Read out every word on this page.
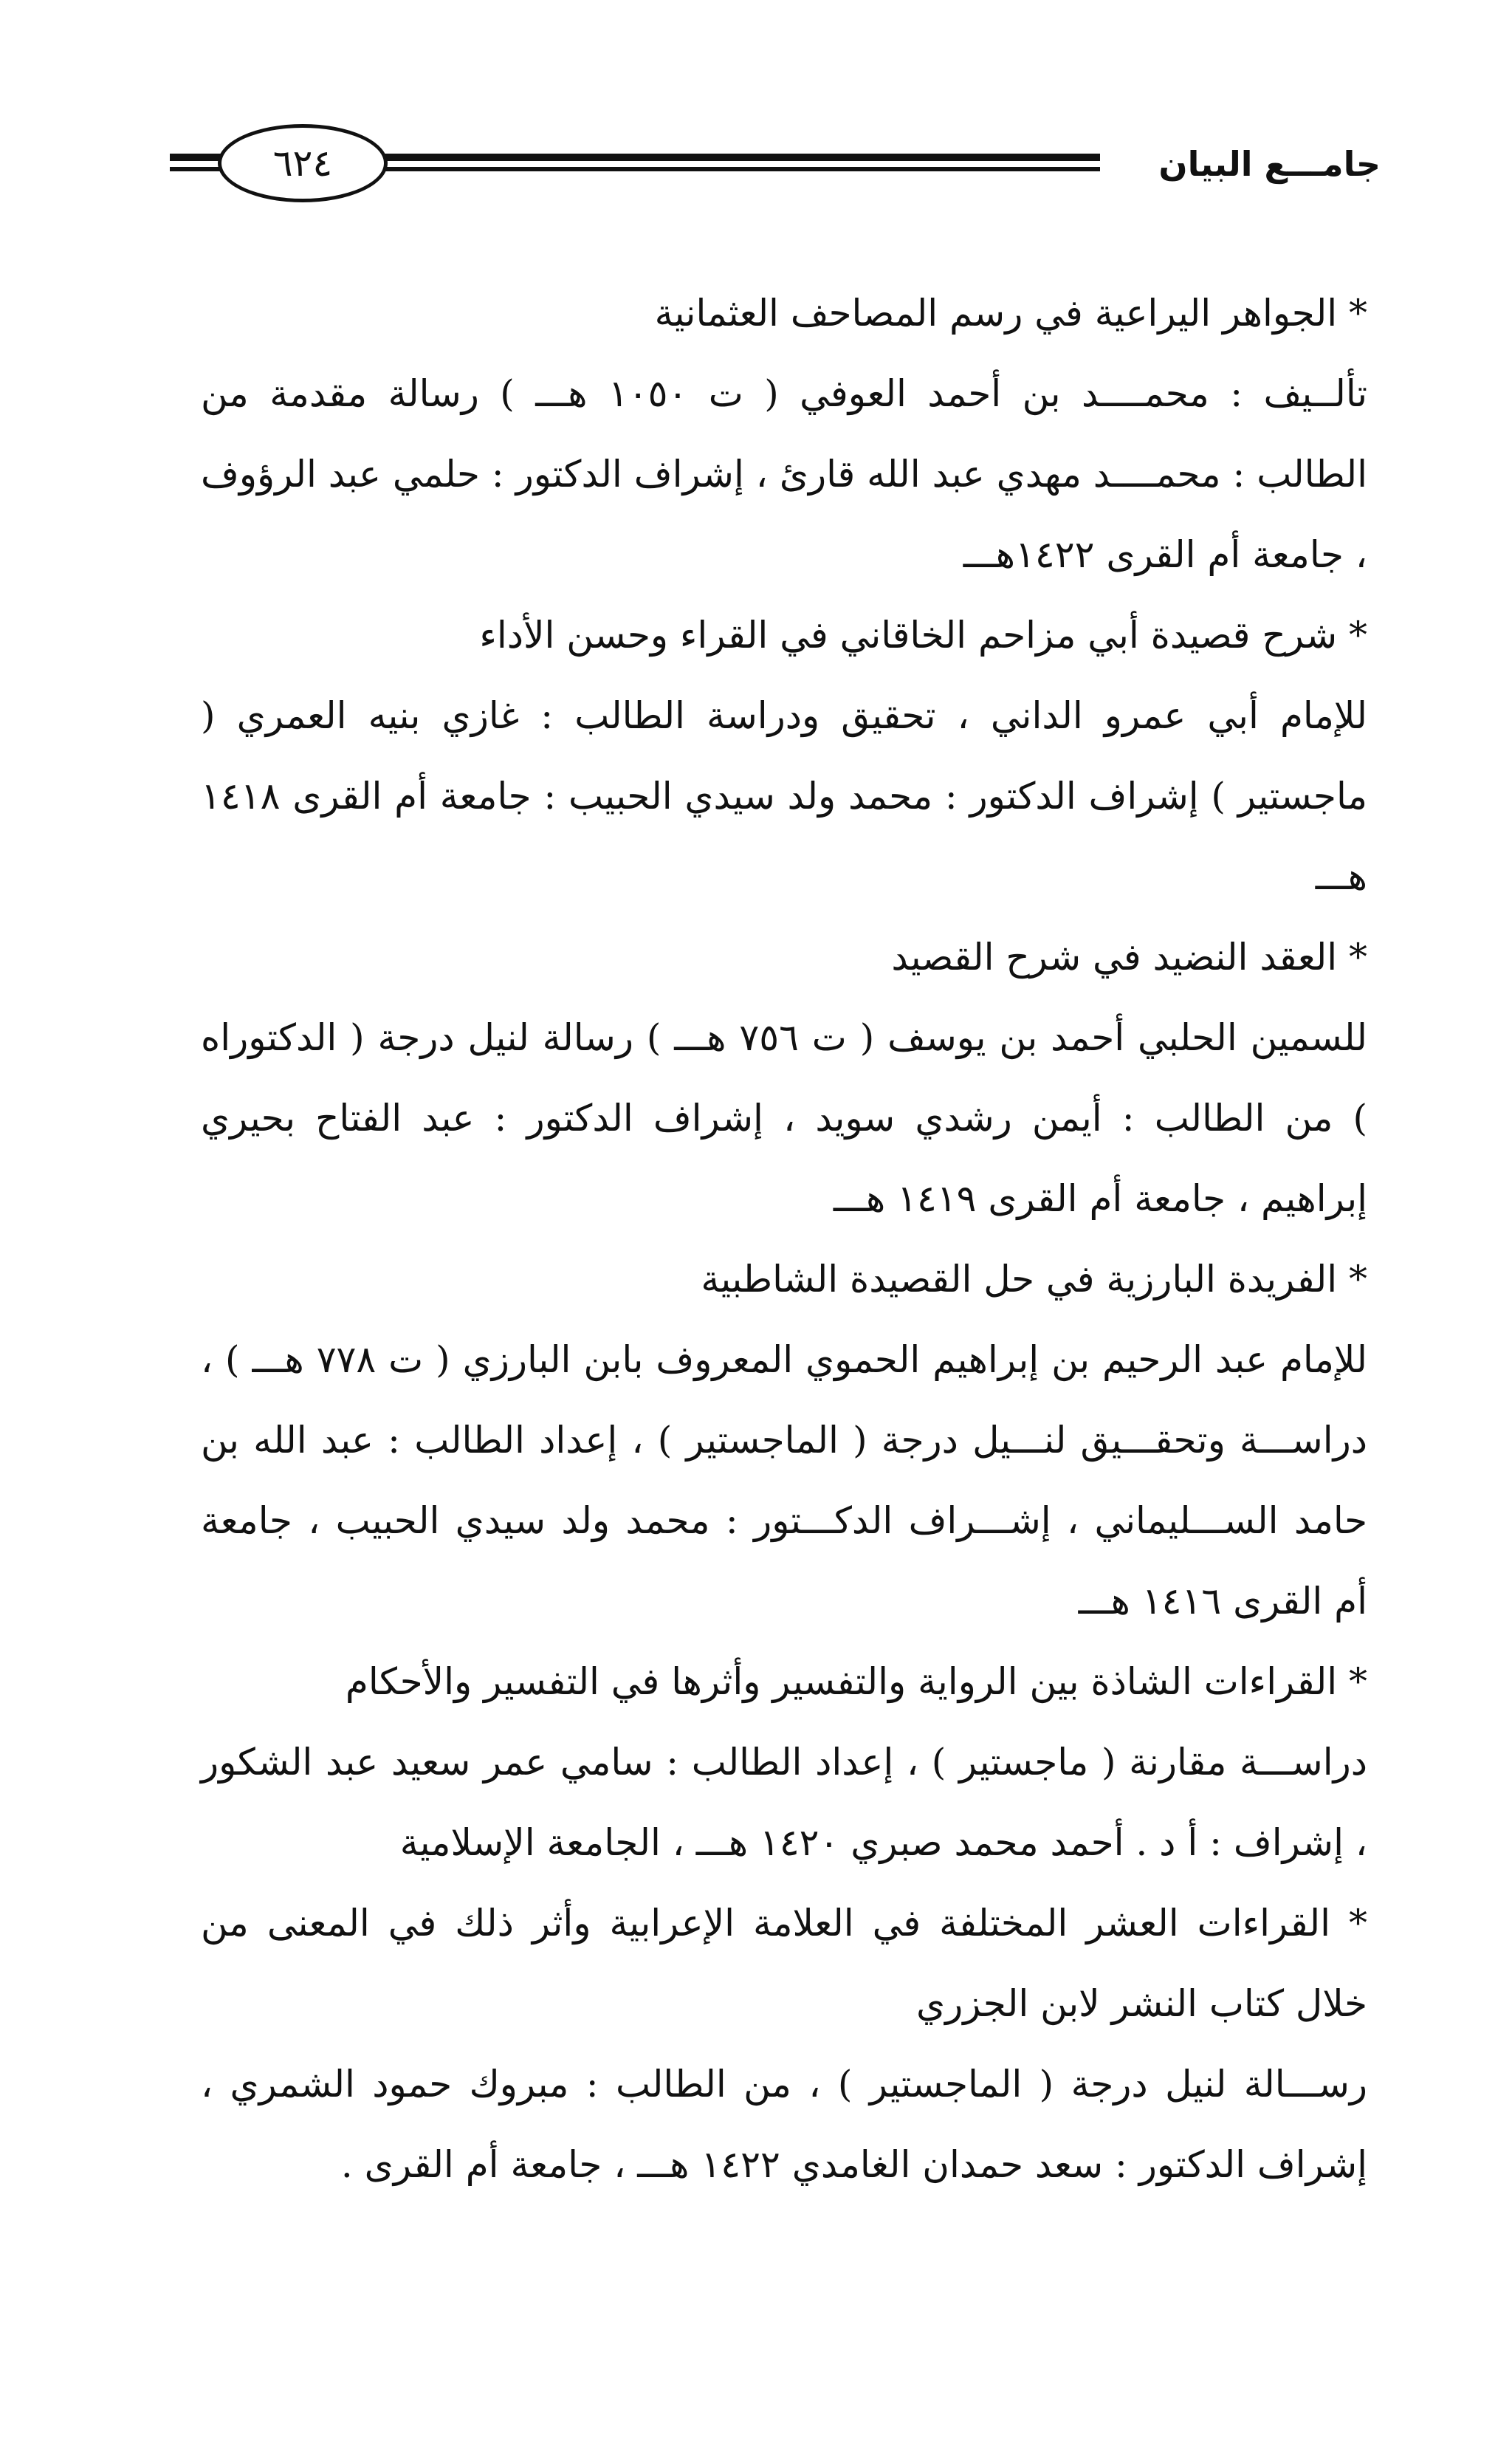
٦٢٤	جامـــع البيان

* الجواهر اليراعية في رسم المصاحف العثمانية

تألــيف : محمــــد بن أحمد العوفي ( ت ١٠٥٠ هـــ ) رسالة مقدمة من الطالب : محمــــد مهدي عبد الله قارئ ، إشراف الدكتور : حلمي عبد الرؤوف ، جامعة أم القرى ١٤٢٢هـــ

* شرح قصيدة أبي مزاحم الخاقاني في القراء وحسن الأداء

للإمام أبي عمرو الداني ، تحقيق ودراسة الطالب : غازي بنيه العمري ( ماجستير ) إشراف الدكتور : محمد ولد سيدي الحبيب : جامعة أم القرى ١٤١٨ هـــ

* العقد النضيد في شرح القصيد

للسمين الحلبي أحمد بن يوسف ( ت ٧٥٦ هـــ ) رسالة لنيل درجة ( الدكتوراه ) من الطالب : أيمن رشدي سويد ، إشراف الدكتور : عبد الفتاح بحيري إبراهيم ، جامعة أم القرى ١٤١٩ هـــ

* الفريدة البارزية في حل القصيدة الشاطبية

للإمام عبد الرحيم بن إبراهيم الحموي المعروف بابن البارزي ( ت ٧٧٨ هـــ ) ، دراســـة وتحقـــيق لنـــيل درجة ( الماجستير ) ، إعداد الطالب : عبد الله بن حامد الســـليماني ، إشـــراف الدكـــتور : محمد ولد سيدي الحبيب ، جامعة أم القرى ١٤١٦ هـــ

* القراءات الشاذة بين الرواية والتفسير وأثرها في التفسير والأحكام

دراســـة مقارنة ( ماجستير ) ، إعداد الطالب : سامي عمر سعيد عبد الشكور ، إشراف : أ د . أحمد محمد صبري ١٤٢٠ هـــ ، الجامعة الإسلامية

* القراءات العشر المختلفة في العلامة الإعرابية وأثر ذلك في المعنى من خلال كتاب النشر لابن الجزري

رســـالة لنيل درجة ( الماجستير ) ، من الطالب : مبروك حمود الشمري ، إشراف الدكتور : سعد حمدان الغامدي ١٤٢٢ هـــ ، جامعة أم القرى .
